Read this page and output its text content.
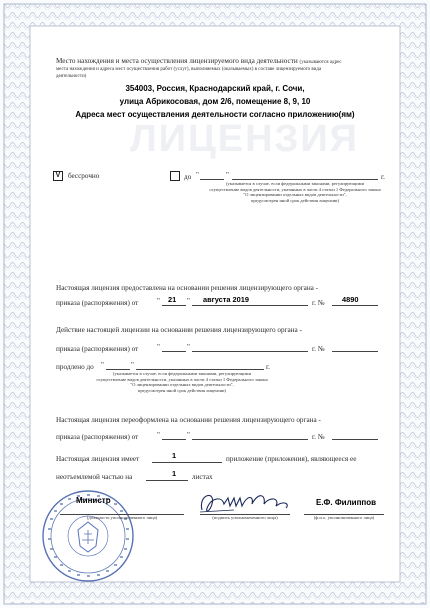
ЛИЦЕНЗИЯ
Место нахождения и места осуществления лицензируемого вида деятельности (указываются адрес
места нахождения и адреса мест осуществления работ (услуг), выполняемых (оказываемых) в составе лицензируемого вида
деятельности)
354003, Россия, Краснодарский край, г. Сочи,
улица Абрикосовая, дом 2/6, помещение 8, 9, 10
Адреса мест осуществления деятельности согласно приложению(ям)
V	бессрочно	до "	"	г.
(указывается в случае, если федеральными законами, регулирующими
осуществление видов деятельности, указанных в части 4 статьи 1 Федерального закона
"О лицензировании отдельных видов деятельности",
предусмотрен иной срок действия лицензии)
Настоящая лицензия предоставлена на основании решения лицензирующего органа -
приказа (распоряжения) от	" 21 " августа 2019	г. № 4890
Действие настоящей лицензии на основании решения лицензирующего органа -
приказа (распоряжения) от	"	"	г. №
продлено до "	"	г.
(указывается в случае, если федеральными законами, регулирующими
осуществление видов деятельности, указанных в части 4 статьи 1 Федерального закона
"О лицензировании отдельных видов деятельности",
предусмотрен иной срок действия лицензии)
Настоящая лицензия переоформлена на основании решения лицензирующего органа -
приказа (распоряжения) от	"	"	г. №
Настоящая лицензия имеет	1	приложение (приложения), являющееся ее
неотъемлемой частью на	1 листах
Министр
(должность уполномоченного лица)	(подпись уполномоченного лица)
Е.Ф. Филиппов
(ф.и.о. уполномоченного лица)
